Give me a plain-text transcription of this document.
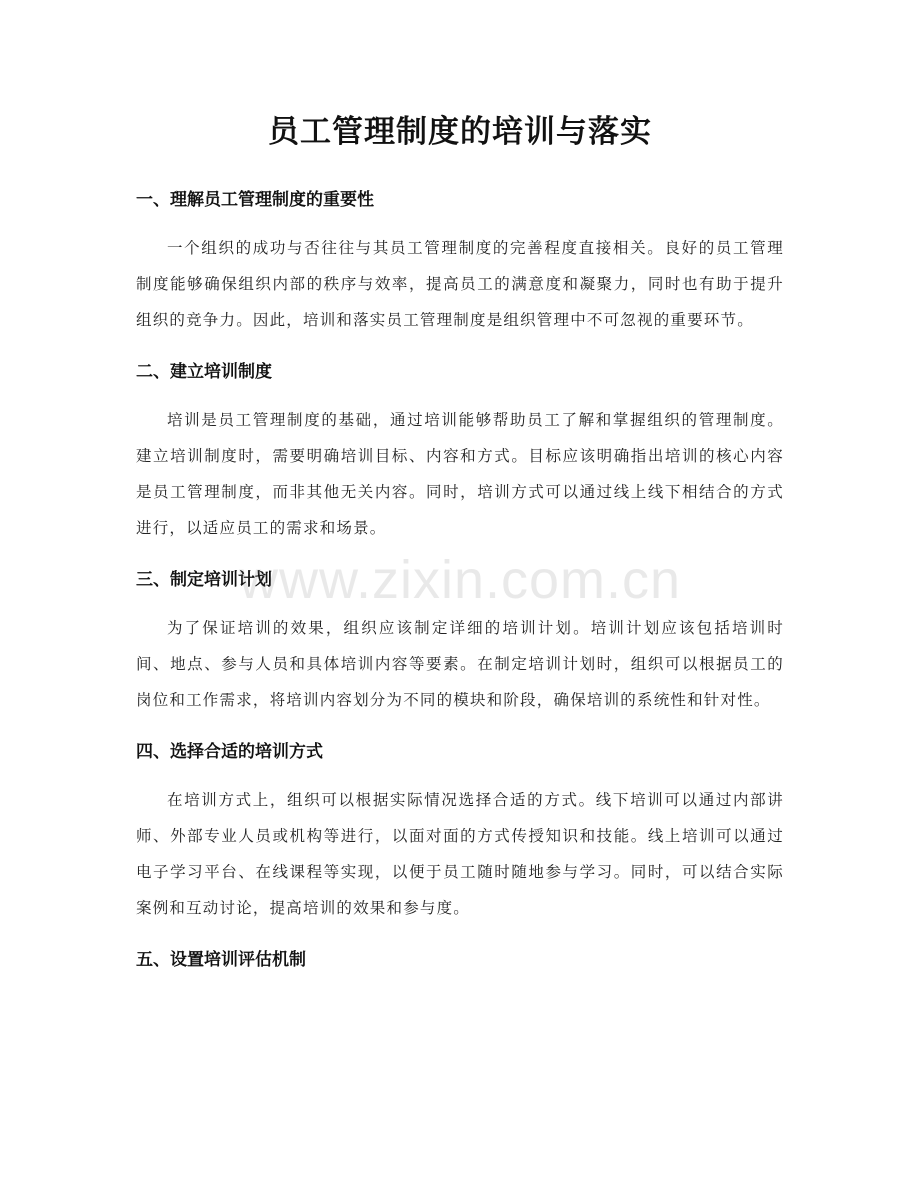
员工管理制度的培训与落实
一、理解员工管理制度的重要性

一个组织的成功与否往往与其员工管理制度的完善程度直接相关。良好的员工管理制度能够确保组织内部的秩序与效率，提高员工的满意度和凝聚力，同时也有助于提升组织的竞争力。因此，培训和落实员工管理制度是组织管理中不可忽视的重要环节。

二、建立培训制度

培训是员工管理制度的基础，通过培训能够帮助员工了解和掌握组织的管理制度。建立培训制度时，需要明确培训目标、内容和方式。目标应该明确指出培训的核心内容是员工管理制度，而非其他无关内容。同时，培训方式可以通过线上线下相结合的方式进行，以适应员工的需求和场景。

三、制定培训计划

为了保证培训的效果，组织应该制定详细的培训计划。培训计划应该包括培训时间、地点、参与人员和具体培训内容等要素。在制定培训计划时，组织可以根据员工的岗位和工作需求，将培训内容划分为不同的模块和阶段，确保培训的系统性和针对性。

四、选择合适的培训方式

在培训方式上，组织可以根据实际情况选择合适的方式。线下培训可以通过内部讲师、外部专业人员或机构等进行，以面对面的方式传授知识和技能。线上培训可以通过电子学习平台、在线课程等实现，以便于员工随时随地参与学习。同时，可以结合实际案例和互动讨论，提高培训的效果和参与度。

五、设置培训评估机制
www.zixin.com.cn
